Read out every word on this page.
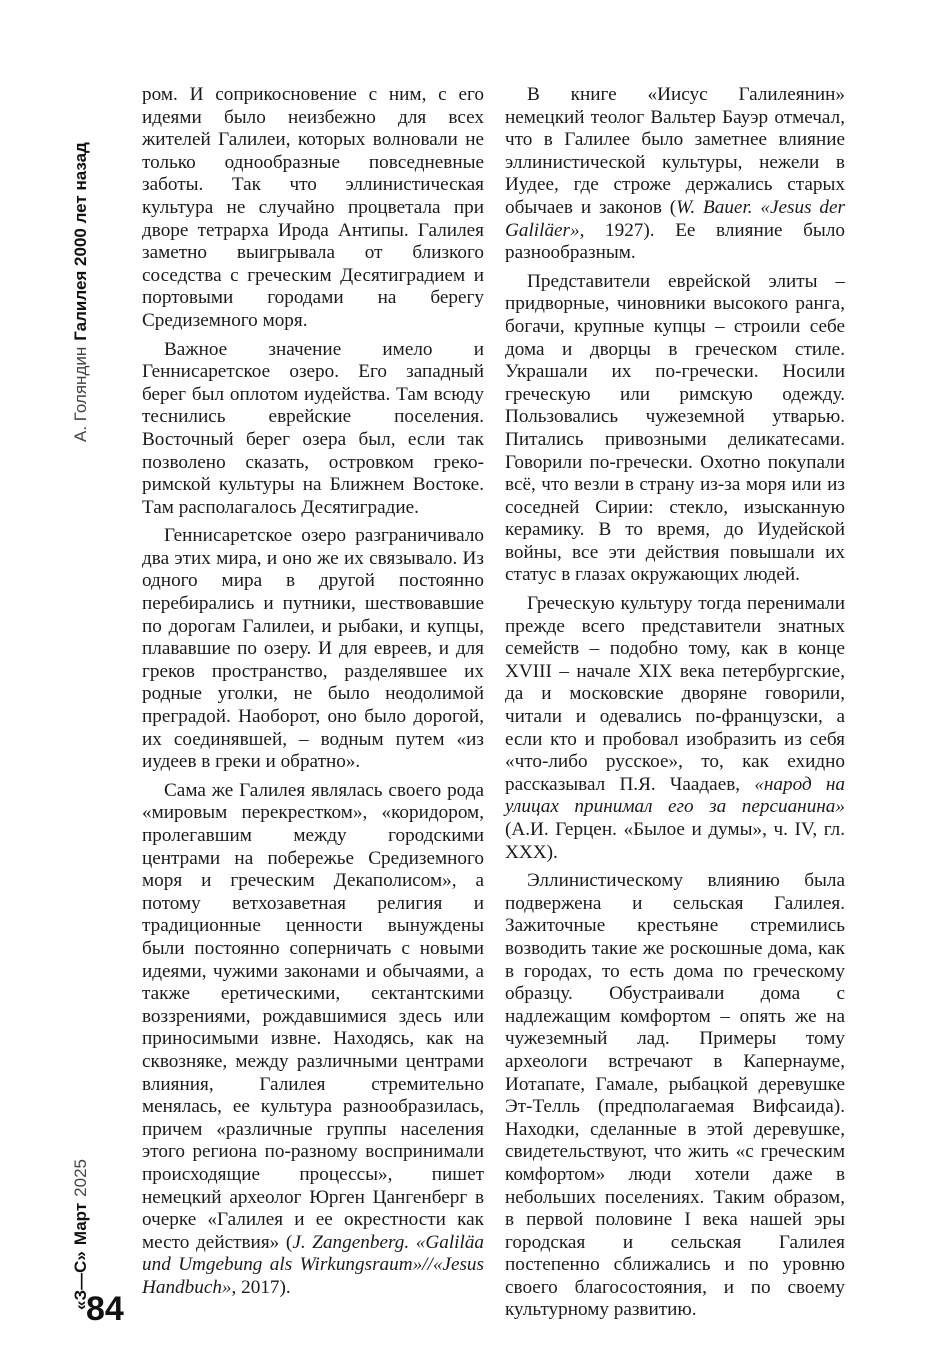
А. ГоляндинГалилея 2000 лет назад
«З—С»Март2025
84

ром. И соприкосновение с ним, с его идеями было неизбежно для всех жителей Галилеи, которых волновали не только однообразные повседневные заботы. Так что эллинистическая культура не случайно процветала при дворе тетрарха Ирода Антипы. Галилея заметно выигрывала от близкого соседства с греческим Десятиградием и портовыми городами на берегу Средиземного моря.

Важное значение имело и Геннисаретское озеро. Его западный берег был оплотом иудейства. Там всюду теснились еврейские поселения. Восточный берег озера был, если так позволено сказать, островком греко-римской культуры на Ближнем Востоке. Там располагалось Десятиградие.

Геннисаретское озеро разграничивало два этих мира, и оно же их связывало. Из одного мира в другой постоянно перебирались и путники, шествовавшие по дорогам Галилеи, и рыбаки, и купцы, плававшие по озеру. И для евреев, и для греков пространство, разделявшее их родные уголки, не было неодолимой преградой. Наоборот, оно было дорогой, их соединявшей, – водным путем «из иудеев в греки и обратно».

Сама же Галилея являлась своего рода «мировым перекрестком», «коридором, пролегавшим между городскими центрами на побережье Средиземного моря и греческим Декаполисом», а потому ветхозаветная религия и традиционные ценности вынуждены были постоянно соперничать с новыми идеями, чужими законами и обычаями, а также еретическими, сектантскими воззрениями, рождавшимися здесь или приносимыми извне. Находясь, как на сквозняке, между различными центрами влияния, Галилея стремительно менялась, ее культура разнообразилась, причем «различные группы населения этого региона по-разному воспринимали происходящие процессы», пишет немецкий археолог Юрген Цангенберг в очерке «Галилея и ее окрестности как место действия» (J. Zangenberg. «Galiläa und Umgebung als Wirkungsraum»//«Jesus Handbuch», 2017).

В книге «Иисус Галилеянин» немецкий теолог Вальтер Бауэр отмечал, что в Галилее было заметнее влияние эллинистической культуры, нежели в Иудее, где строже держались старых обычаев и законов (W. Bauer. «Jesus der Galiläer», 1927). Ее влияние было разнообразным.

Представители еврейской элиты – придворные, чиновники высокого ранга, богачи, крупные купцы – строили себе дома и дворцы в греческом стиле. Украшали их по-гречески. Носили греческую или римскую одежду. Пользовались чужеземной утварью. Питались привозными деликатесами. Говорили по-гречески. Охотно покупали всё, что везли в страну из-за моря или из соседней Сирии: стекло, изысканную керамику. В то время, до Иудейской войны, все эти действия повышали их статус в глазах окружающих людей.

Греческую культуру тогда перенимали прежде всего представители знатных семейств – подобно тому, как в конце XVIII – начале XIX века петербургские, да и московские дворяне говорили, читали и одевались по-французски, а если кто и пробовал изобразить из себя «что-либо русское», то, как ехидно рассказывал П.Я. Чаадаев, «народ на улицах принимал его за персианина» (А.И. Герцен. «Былое и думы», ч. IV, гл. XXX).

Эллинистическому влиянию была подвержена и сельская Галилея. Зажиточные крестьяне стремились возводить такие же роскошные дома, как в городах, то есть дома по греческому образцу. Обустраивали дома с надлежащим комфортом – опять же на чужеземный лад. Примеры тому археологи встречают в Капернауме, Иотапате, Гамале, рыбацкой деревушке Эт-Телль (предполагаемая Вифсаида). Находки, сделанные в этой деревушке, свидетельствуют, что жить «с греческим комфортом» люди хотели даже в небольших поселениях. Таким образом, в первой половине I века нашей эры городская и сельская Галилея постепенно сближались и по уровню своего благосостояния, и по своему культурному развитию.
